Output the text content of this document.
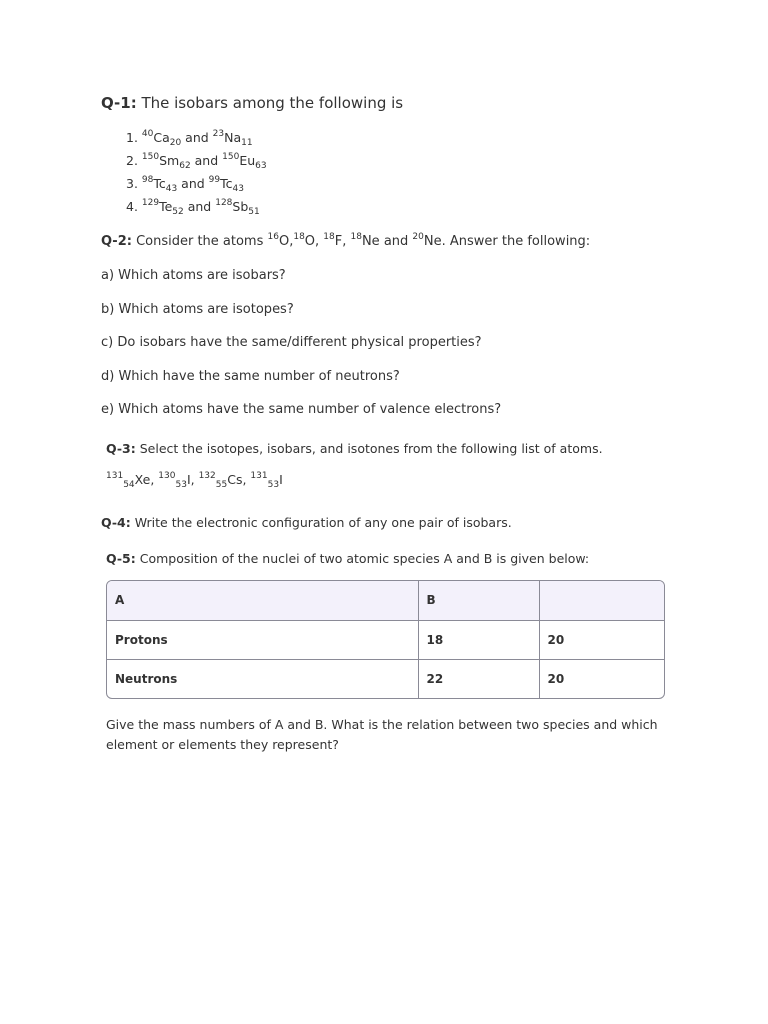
Q-1: The isobars among the following is
1. $^{40}Ca_{20}$ and $^{23}Na_{11}$
2. $^{150}Sm_{62}$ and $^{150}Eu_{63}$
3. $^{98}Tc_{43}$ and $^{99}Tc_{43}$
4. $^{129}Te_{52}$ and $^{128}Sb_{51}$
Q-2: Consider the atoms $^{16}$O,$^{18}$O, $^{18}$F, $^{18}$Ne and $^{20}$Ne. Answer the following:
a) Which atoms are isobars?
b) Which atoms are isotopes?
c) Do isobars have the same/different physical properties?
d) Which have the same number of neutrons?
e) Which atoms have the same number of valence electrons?
Q-3: Select the isotopes, isobars, and isotones from the following list of atoms.
$^{131}_{54}$Xe, $^{130}_{53}$I, $^{132}_{55}$Cs, $^{131}_{53}$I
Q-4: Write the electronic configuration of any one pair of isobars.
Q-5: Composition of the nuclei of two atomic species A and B is given below:
A	B	
Protons	18	20
Neutrons	22	20
Give the mass numbers of A and B. What is the relation between two species and which element or elements they represent?
